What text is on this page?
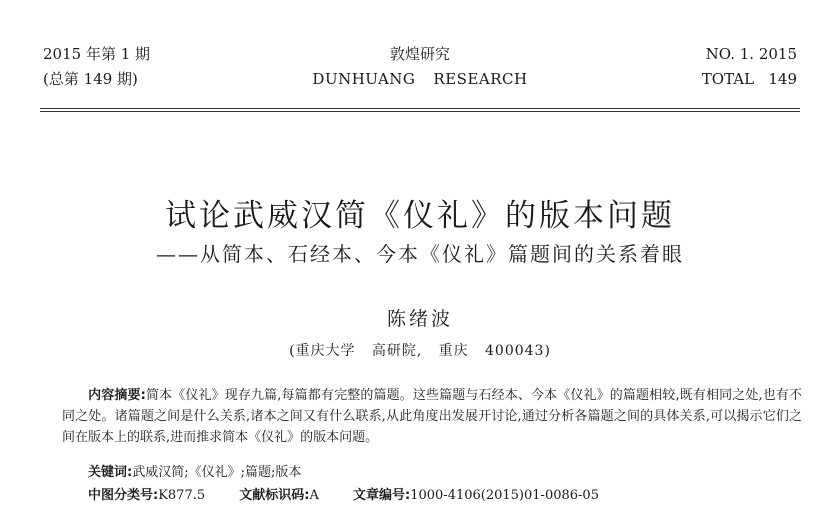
2015 年第 1 期
(总第 149 期)
敦煌研究
DUNHUANG RESEARCH
NO. 1. 2015
TOTAL   149
试论武威汉简《仪礼》的版本问题
——从简本、石经本、今本《仪礼》篇题间的关系着眼
陈绪波
(重庆大学   高研院,   重庆   400043)
内容摘要:简本《仪礼》现存九篇,每篇都有完整的篇题。这些篇题与石经本、今本《仪礼》的篇题相较,既有相同之处,也有不同之处。诸篇题之间是什么关系,诸本之间又有什么联系,从此角度出发展开讨论,通过分析各篇题之间的具体关系,可以揭示它们之间在版本上的联系,进而推求简本《仪礼》的版本问题。
关键词:武威汉简;《仪礼》;篇题;版本
中图分类号:K877.5	文献标识码:A	文章编号:1000-4106(2015)01-0086-05
